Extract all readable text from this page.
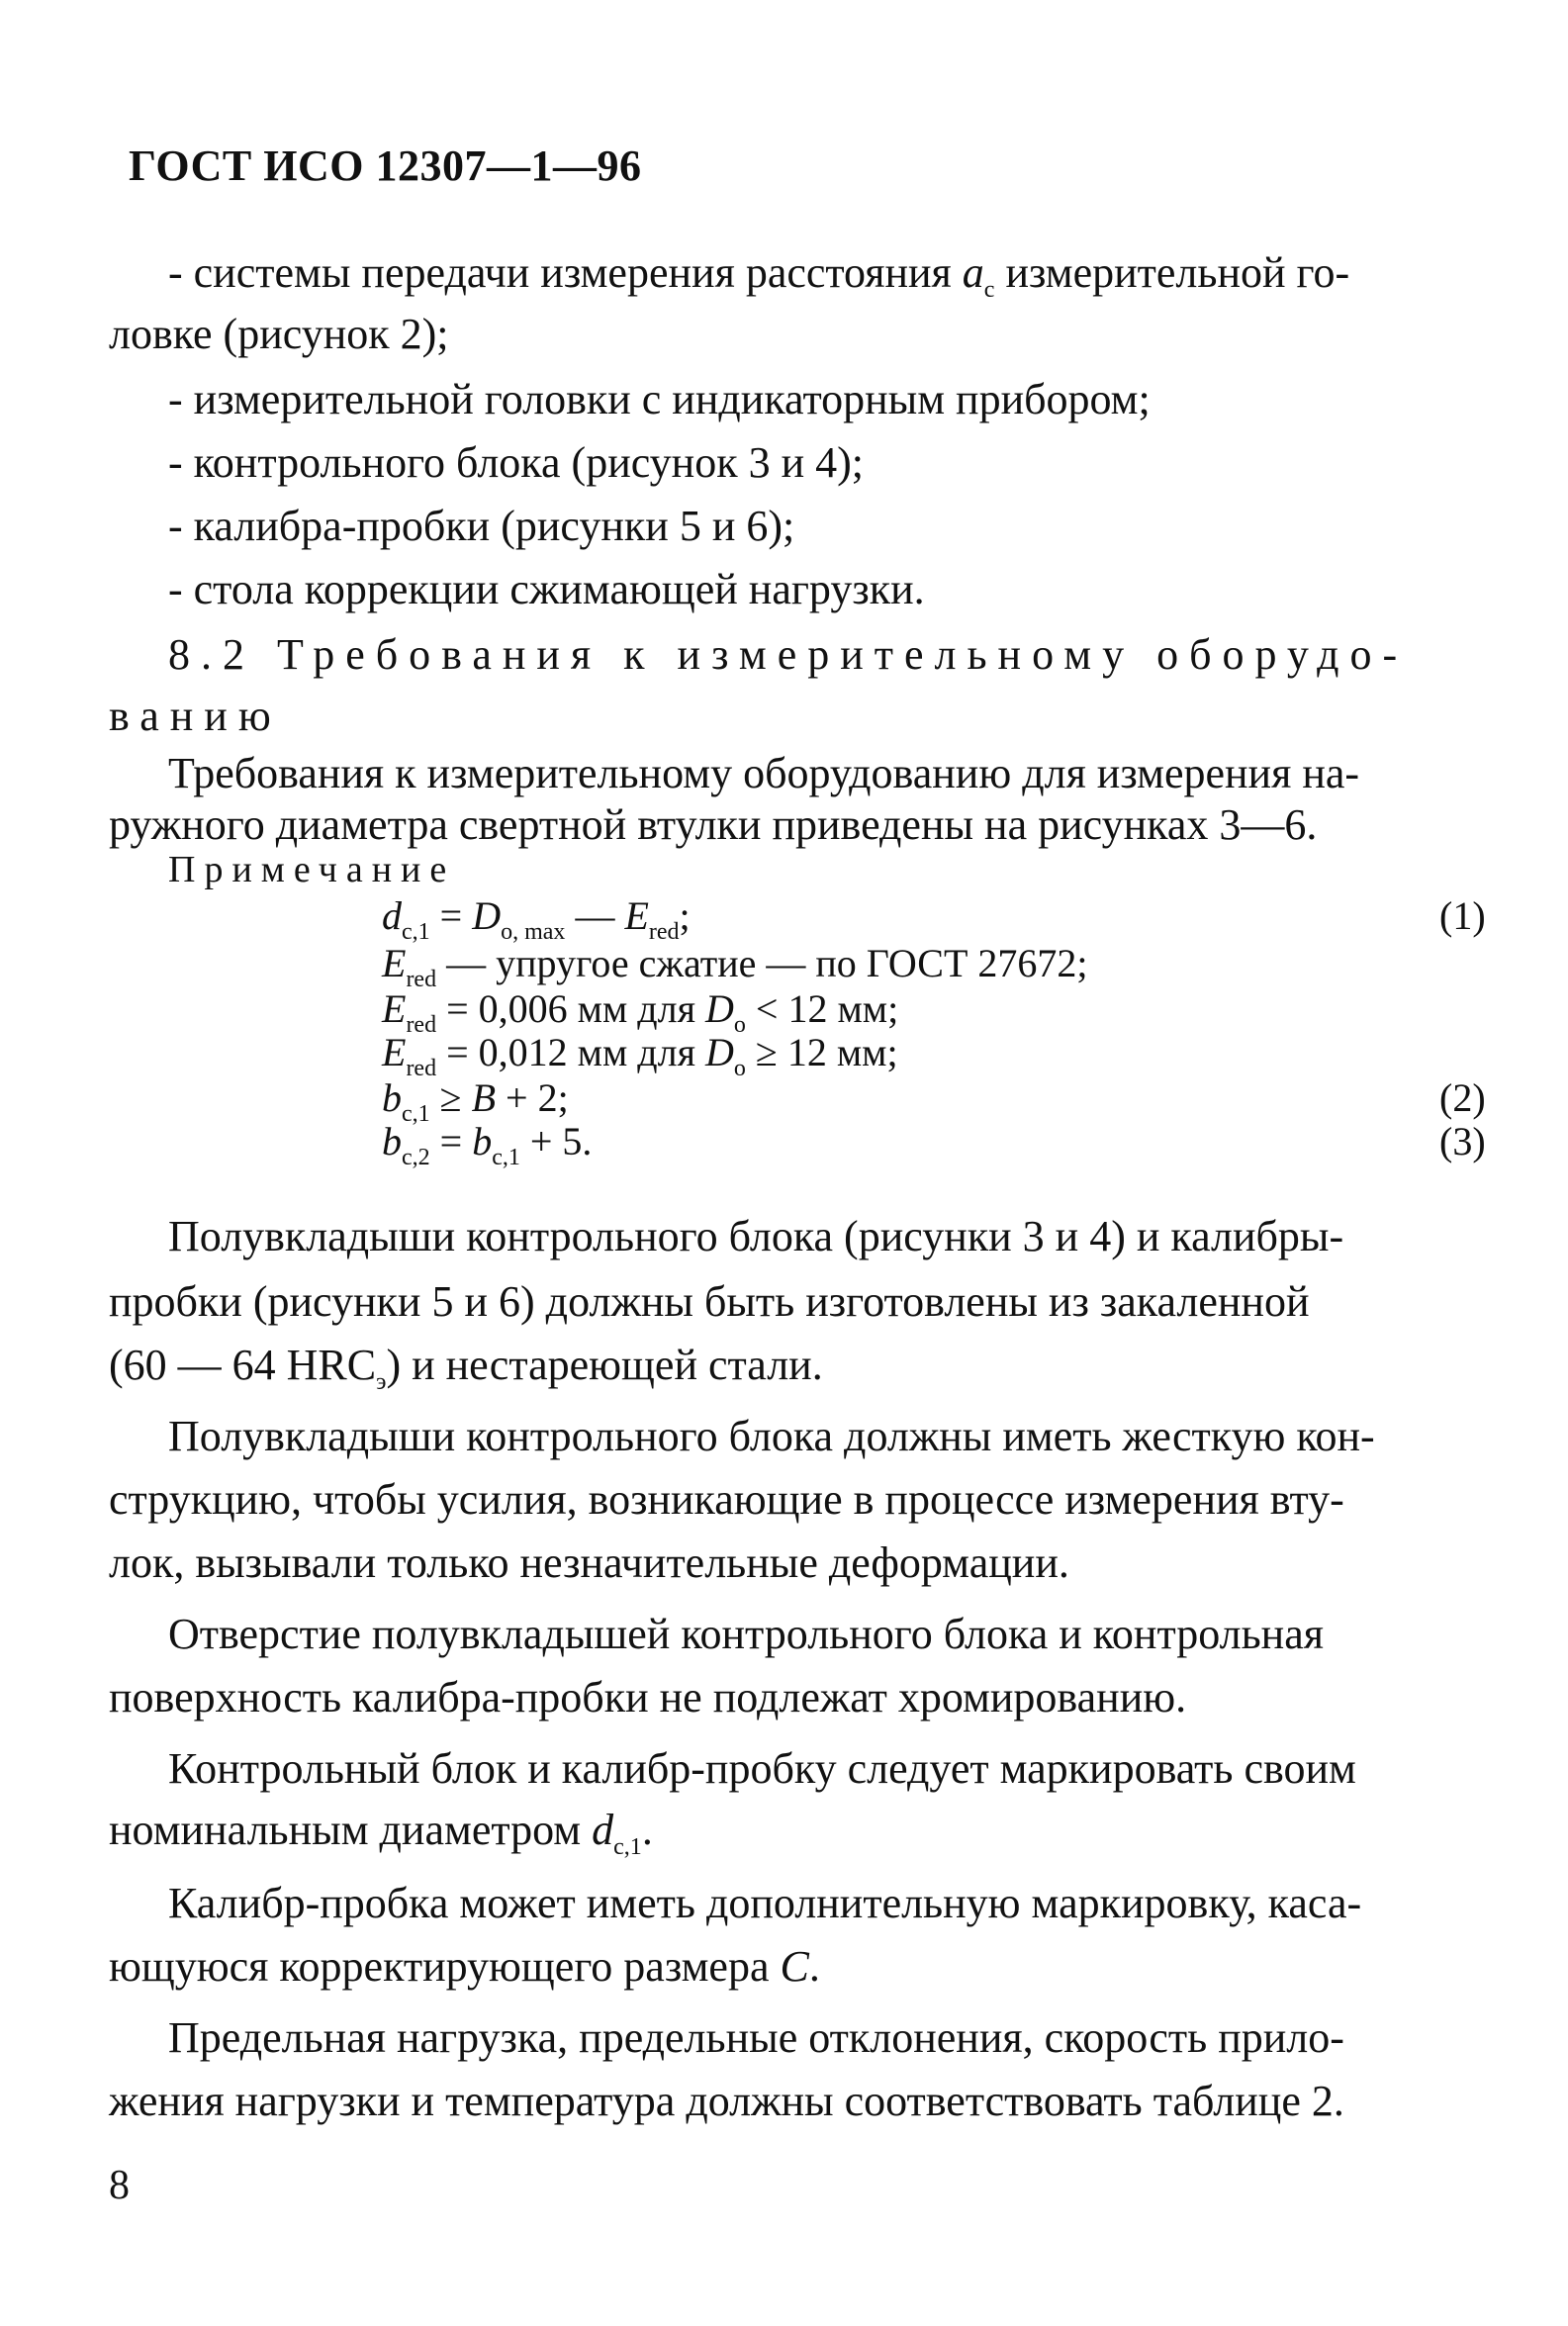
ГОСТ ИСО 12307—1—96
- системы передачи измерения расстояния $a_c$ измерительной го-
ловке (рисунок 2);
- измерительной головки с индикаторным прибором;
- контрольного блока (рисунок 3 и 4);
- калибра-пробки (рисунки 5 и 6);
- стола коррекции сжимающей нагрузки.
8.2 Требования к измерительному оборудо-
ванию
Требования к измерительному оборудованию для измерения на-
ружного диаметра свертной втулки приведены на рисунках 3—6.
Примечание
$d_{c,1} = D_{o, max}$ — $E_{red}$;	(1)
$E_{red}$ — упругое сжатие — по ГОСТ 27672;
$E_{red} = 0,006$ мм для $D_o < 12$ мм;
$E_{red} = 0,012$ мм для $D_o \ge 12$ мм;
$b_{c,1} \ge B + 2$;	(2)
$b_{c,2} = b_{c,1} + 5$.	(3)
Полувкладыши контрольного блока (рисунки 3 и 4) и калибры-
пробки (рисунки 5 и 6) должны быть изготовлены из закаленной
(60 — 64 $HRC_э$) и нестареющей стали.
Полувкладыши контрольного блока должны иметь жесткую кон-
струкцию, чтобы усилия, возникающие в процессе измерения вту-
лок, вызывали только незначительные деформации.
Отверстие полувкладышей контрольного блока и контрольная
поверхность калибра-пробки не подлежат хромированию.
Контрольный блок и калибр-пробку следует маркировать своим
номинальным диаметром $d_{c,1}$.
Калибр-пробка может иметь дополнительную маркировку, каса-
ющуюся корректирующего размера C.
Предельная нагрузка, предельные отклонения, скорость прило-
жения нагрузки и температура должны соответствовать таблице 2.
8
